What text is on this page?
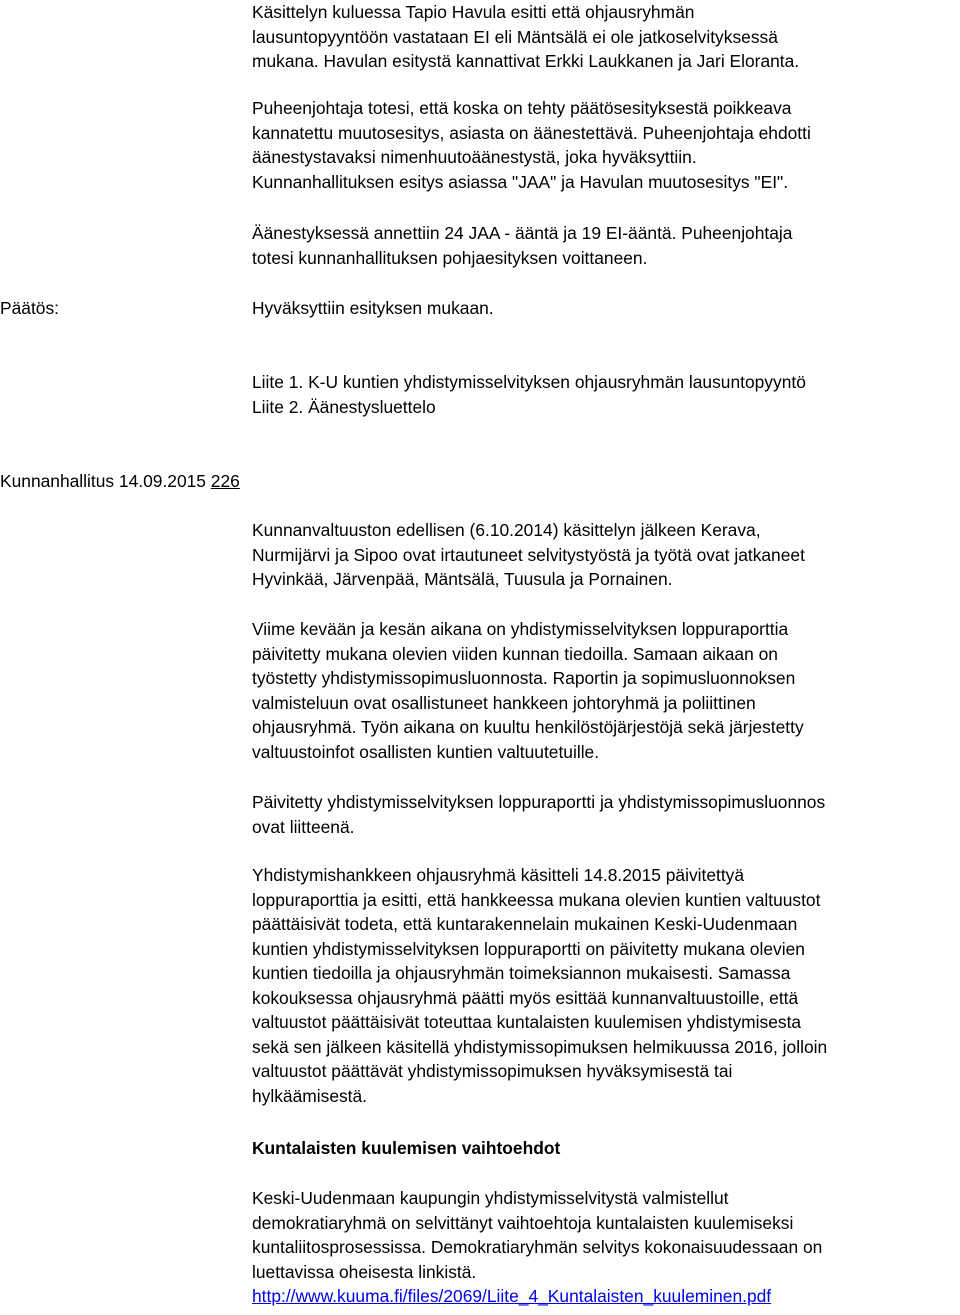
Käsittelyn kuluessa Tapio Havula esitti että ohjausryhmän
lausuntopyyntöön vastataan EI eli Mäntsälä ei ole jatkoselvityksessä
mukana. Havulan esitystä kannattivat Erkki Laukkanen ja Jari Eloranta.

Puheenjohtaja totesi, että koska on tehty päätösesityksestä poikkeava
kannatettu muutosesitys, asiasta on äänestettävä. Puheenjohtaja ehdotti
äänestystavaksi nimenhuutoäänestystä, joka hyväksyttiin.
Kunnanhallituksen esitys asiassa "JAA" ja Havulan muutosesitys "EI".

Äänestyksessä annettiin 24 JAA - ääntä ja 19 EI-ääntä. Puheenjohtaja
totesi kunnanhallituksen pohjaesityksen voittaneen.

Päätös:	Hyväksyttiin esityksen mukaan.

Liite 1. K-U kuntien yhdistymisselvityksen ohjausryhmän lausuntopyyntö
Liite 2. Äänestysluettelo

Kunnanhallitus 14.09.2015 226

Kunnanvaltuuston edellisen (6.10.2014) käsittelyn jälkeen Kerava,
Nurmijärvi ja Sipoo ovat irtautuneet selvitystyöstä ja työtä ovat jatkaneet
Hyvinkää, Järvenpää, Mäntsälä, Tuusula ja Pornainen.

Viime kevään ja kesän aikana on yhdistymisselvityksen loppuraporttia
päivitetty mukana olevien viiden kunnan tiedoilla. Samaan aikaan on
työstetty yhdistymissopimusluonnosta. Raportin ja sopimusluonnoksen
valmisteluun ovat osallistuneet hankkeen johtoryhmä ja poliittinen
ohjausryhmä. Työn aikana on kuultu henkilöstöjärjestöjä sekä järjestetty
valtuustoinfot osallisten kuntien valtuutetuille.

Päivitetty yhdistymisselvityksen loppuraportti ja yhdistymissopimusluonnos
ovat liitteenä.

Yhdistymishankkeen ohjausryhmä käsitteli 14.8.2015 päivitettyä
loppuraporttia ja esitti, että hankkeessa mukana olevien kuntien valtuustot
päättäisivät todeta, että kuntarakennelain mukainen Keski-Uudenmaan
kuntien yhdistymisselvityksen loppuraportti on päivitetty mukana olevien
kuntien tiedoilla ja ohjausryhmän toimeksiannon mukaisesti. Samassa
kokouksessa ohjausryhmä päätti myös esittää kunnanvaltuustoille, että
valtuustot päättäisivät toteuttaa kuntalaisten kuulemisen yhdistymisesta
sekä sen jälkeen käsitellä yhdistymissopimuksen helmikuussa 2016, jolloin
valtuustot päättävät yhdistymissopimuksen hyväksymisestä tai
hylkäämisestä.

Kuntalaisten kuulemisen vaihtoehdot

Keski-Uudenmaan kaupungin yhdistymisselvitystä valmistellut
demokratiaryhmä on selvittänyt vaihtoehtoja kuntalaisten kuulemiseksi
kuntaliitosprosessissa. Demokratiaryhmän selvitys kokonaisuudessaan on
luettavissa oheisesta linkistä.
http://www.kuuma.fi/files/2069/Liite_4_Kuntalaisten_kuuleminen.pdf
